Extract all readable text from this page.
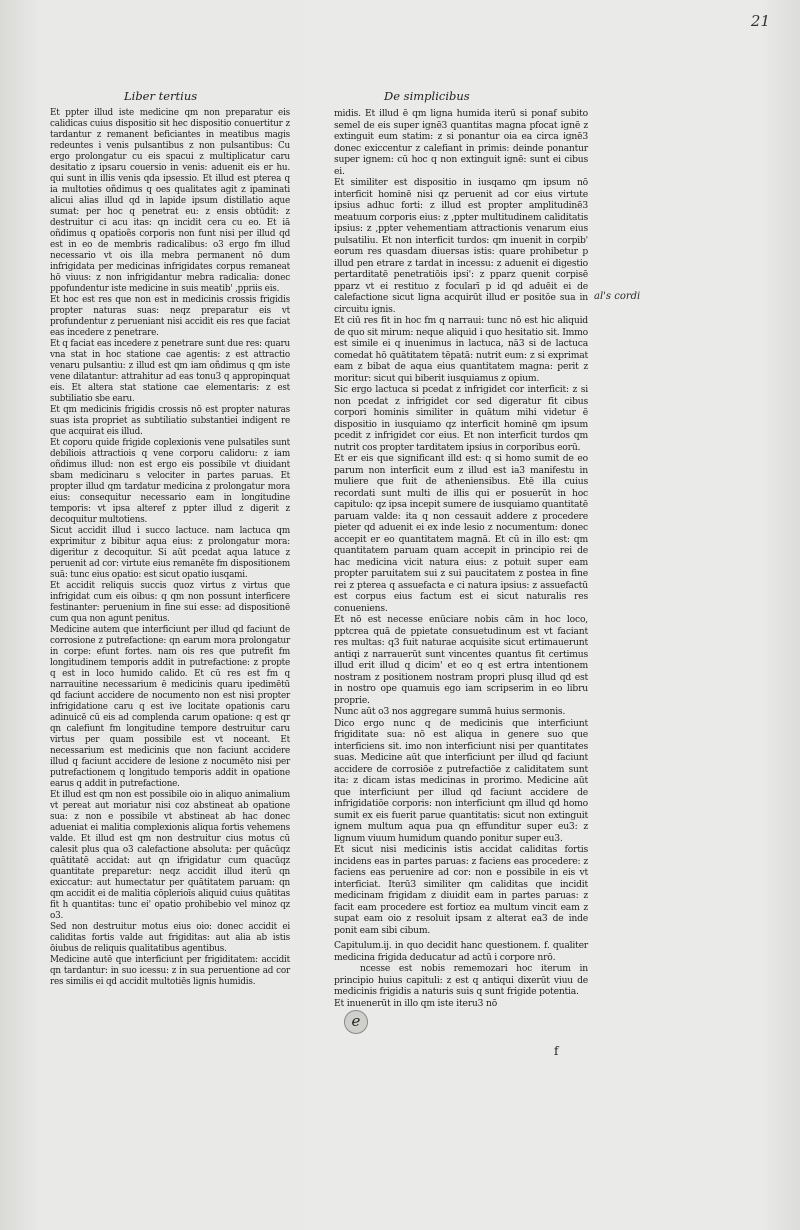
21
Liber tertius	De simplicibus

Et ppter illud iste medicine qm non preparatur eis calidicas cuius dispositio sit hec dispositio conuertitur z tardantur z remanent beficiantes in meatibus magis redeuntes i venis pulsantibus z non pulsantibus: Cu ergo prolongatur cu eis spacui z multiplicatur caru desitatio z ipsaru couersio in venis: aduenit eis er hu. qui sunt in illis venis qda ipsessio. Et illud est pterea q ia multoties oñdimus q oes qualitates agit z ipaminati alicui alias illud qd in lapide ipsum distillatio aque sumat: per hoc q penetrat eu: z ensis obtūdit: z destruitur ci acu itas: qn incidit cera cu eo. Et iā oñdimus q opatioẽs corporis non funt nisi per illud qd est in eo de membris radicalibus: o3 ergo fm illud necessario vt ois illa mebra permanent nō dum infrigidata per medicinas infrigidates corpus remaneat hō viuus: z non infrigidantur mebra radicalia: donec ppofundentur iste medicine in suis meatib' ,ppriis eis.

Et hoc est res que non est in medicinis crossis frigidis propter naturas suas: neqz preparatur eis vt profundentur z perueniant nisi accidit eis res que faciat eas incedere z penetrare.

Et q faciat eas incedere z penetrare sunt due res: quaru vna stat in hoc statione cae agentis: z est attractio venaru pulsantiu: z illud est qm iam oñdimus q qm iste vene dilatantur: attrahitur ad eas tonu3 q appropinquat eis. Et altera stat statione cae elementaris: z est subtiliatio sbe earu.

Et qm medicinis frigidis crossis nō est propter naturas suas ista propriet as subtiliatio substantiei indigent re que acquirat eis illud.

Et coporu quide frigide coplexionis vene pulsatiles sunt debiliois attractiois q vene corporu calidoru: z iam oñdimus illud: non est ergo eis possibile vt diuidant sbam medicinaru s velociter in partes paruas. Et propter illud qm tardatur medicina z prolongatur mora eius: consequitur necessario eam in longitudine temporis: vt ipsa alteref z ppter illud z digerit z decoquitur multotiens.

Sicut accidit illud i succo lactuce. nam lactuca qm exprimitur z bibitur aqua eius: z prolongatur mora: digeritur z decoquitur. Si aūt pcedat aqua latuce z peruenit ad cor: virtute eius remanēte fm dispositionem suā: tunc eius opatio: est sicut opatio iusqami.

Et accidit reliquis succis quoz virtus z virtus que infrigidat cum eis oibus: q qm non possunt interficere festinanter: peruenium in fine sui esse: ad dispositionē cum qua non agunt penitus.

Medicine autem que interficiunt per illud qd faciunt de corrosione z putrefactione: qn earum mora prolongatur in corpe: efunt fortes. nam ois res que putrefit fm longitudinem temporis addit in putrefactione: z propte q est in loco humido calido. Et cū res est fm q narrauitine necessarium ē medicinis quaru ipedimētū qd faciunt accidere de nocumento non est nisi propter infrigidatione caru q est ive locitate opationis caru adinuicē cū eis ad complenda carum opatione: q est qr qn calefiunt fm longitudine tempore destruitur caru virtus per quam possibile est vt noceant. Et necessarium est medicinis que non faciunt accidere illud q faciunt accidere de lesione z nocumēto nisi per putrefactionem q longitudo temporis addit in opatione earus q addit in putrefactione.

Et illud est qm non est possibile oio in aliquo animalium vt pereat aut moriatur nisi coz abstineat ab opatione sua: z non e possibile vt abstineat ab hac donec adueniat ei malitia complexionis aliqua fortis vehemens valde. Et illud est qm non destruitur cius motus cū calesit plus qua o3 calefactione absoluta: per quācūqz quātitatē accidat: aut qn ifrigidatur cum quacūqz quantitate preparetur: neqz accidit illud iterū qn exiccatur: aut humectatur per quātitatem paruam: qn qm accidit ei de malitia cōplerioīs aliquid cuius quātitas fit h quantitas: tunc ei' opatio prohibebio vel minoz qz o3.

Sed non destruitur motus eius oio: donec accidit ei caliditas fortis valde aut frigiditas: aut alia ab istis ōiubus de reliquis qualitatibus agentibus.

Medicine autē que interficiunt per frigiditatem: accidit qn tardantur: in suo icessu: z in sua peruentione ad cor res similis ei qd accidit multotiēs lignis humidis.

midis. Et illud ē qm ligna humida iterū si ponaf subito semel de eis super ignē3 quantitas magna pfocat ignē z extinguit eum statim: z si ponantur oia ea circa ignē3 donec exiccentur z calefiant in primis: deinde ponantur super ignem: cū hoc q non extinguit ignē: sunt ei cibus ei.

Et similiter est dispositio in iusqamo qm ipsum nō interficit hominē nisi qz peruenit ad cor eius virtute ipsius adhuc forti: z illud est propter amplitudinē3 meatuum corporis eius: z ,ppter multitudinem caliditatis ipsius: z ,ppter vehementiam attractionis venarum eius pulsatiliu. Et non interficit turdos: qm inuenit in corpib' eorum res quasdam diuersas istis: quare prohibetur p illud pen etrare z tardat in incessu: z aduenit ei digestio pertarditatē penetratiōis ipsi': z pparz quenit corpisē pparz vt ei restituo z focularī p id qd aduēit ei de calefactione sicut ligna acquirūt illud er positōe sua in circuitu ignis.

Et ciū res fit in hoc fm q narraui: tunc nō est hic aliquid de quo sit mirum: neque aliquid i quo hesitatio sit. Immo est simile ei q inuenimus in lactuca, nā3 si de lactuca comedat hō quātitatem tēpatā: nutrit eum: z si exprimat eam z bibat de aqua eius quantitatem magna: perit z moritur: sicut qui biberit iusquiamus z opium.

Sic ergo lactuca si pcedat z infrigidet cor interficit: z si non pcedat z infrigidet cor sed digeratur fit cibus corpori hominis similiter in quātum mihi videtur ē dispositio in iusquiamo qz interficit hominē qm ipsum pcedit z infrigidet cor eius. Et non interficit turdos qm nutrit cos propter tarditatem ipsius in corporibus eorū.

Et er eis que significant illd est: q si homo sumit de eo parum non interficit eum z illud est ia3 manifestu in muliere que fuit de atheniensibus. Etē illa cuius recordati sunt multi de illis qui er posuerūt in hoc capitulo: qz ipsa incepit sumere de iusquiamo quantitatē paruam valde: ita q non cessauit addere z procedere pieter qd aduenit ei ex inde lesio z nocumentum: donec accepit er eo quantitatem magnā. Et cū in illo est: qm quantitatem paruam quam accepit in principio rei de hac medicina vicit natura eius: z potuit super eam propter paruitatem sui z sui paucitatem z postea in fine rei z pterea q assuefacta e ci natura ipsius: z assuefactū est corpus eius factum est ei sicut naturalis res conueniens.

Et nō est necesse enūciare nobis cām in hoc loco, pptcrea quā de ppietate consuetudinum est vt faciant res multas: q3 fuit naturae acquisite sicut ertimauerunt antiqi z narrauerūt sunt vincentes quantus fit certimus illud erit illud q dicim' et eo q est ertra intentionem nostram z positionem nostram propri plusq illud qd est in nostro ope quamuis ego iam scripserim in eo libru proprie.

Nunc aūt o3 nos aggregare summā huius sermonis.

Dico ergo nunc q de medicinis que interficiunt frigiditate sua: nō est aliqua in genere suo que interficiens sit. imo non interficiunt nisi per quantitates suas. Medicine aūt que interficiunt per illud qd faciunt accidere de corrosiōe z putrefactiōe z caliditatem sunt ita: z dicam istas medicinas in prorimo. Medicine aūt que interficiunt per illud qd faciunt accidere de infrigidatiōe corporis: non interficiunt qm illud qd homo sumit ex eis fuerit parue quantitatis: sicut non extinguit ignem multum aqua pua qn effunditur super eu3: z lignum viuum humidum quando ponitur super eu3.

Et sicut nisi medicinis istis accidat caliditas fortis incidens eas in partes paruas: z faciens eas procedere: z faciens eas peruenire ad cor: non e possibile in eis vt interficiat. Iterū3 similiter qm caliditas que incidit medicinam frigidam z diuidit eam in partes paruas: z facit eam procedere est fortioz ea multum vincit eam z supat eam oio z resoluit ipsam z alterat ea3 de inde ponit eam sibi cibum.

Capitulum.ij. in quo decidit hanc questionem. f. qualiter medicina frigida deducatur ad actū i corpore nrō.

ncesse est nobis rememozari hoc iterum in principio huius capituli: z est q antiqui dixerūt viuu de medicinis frigidis a naturis suis q sunt frigide potentia.

Et inuenerūt in illo qm iste iteru3 nō

al's cordi
e
f
